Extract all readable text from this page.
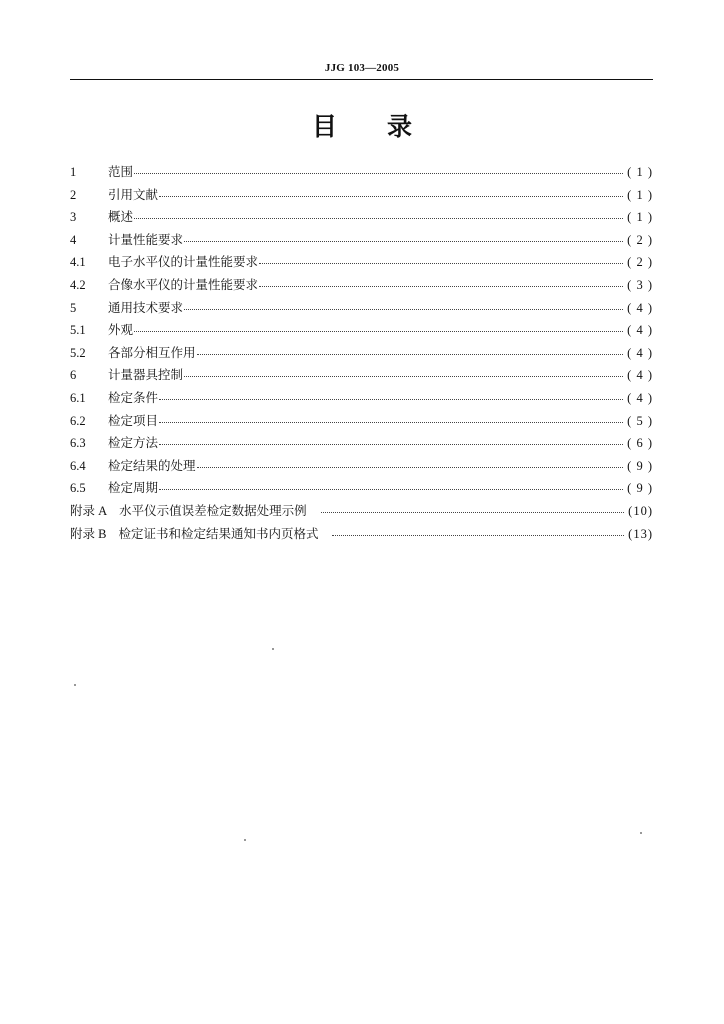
JJG 103—2005
目 录
1	范围	( 1 )
2	引用文献	( 1 )
3	概述	( 1 )
4	计量性能要求	( 2 )
4.1	电子水平仪的计量性能要求	( 2 )
4.2	合像水平仪的计量性能要求	( 3 )
5	通用技术要求	( 4 )
5.1	外观	( 4 )
5.2	各部分相互作用	( 4 )
6	计量器具控制	( 4 )
6.1	检定条件	( 4 )
6.2	检定项目	( 5 )
6.3	检定方法	( 6 )
6.4	检定结果的处理	( 9 )
6.5	检定周期	( 9 )
附录 A 水平仪示值误差检定数据处理示例	(10)
附录 B 检定证书和检定结果通知书内页格式	(13)
